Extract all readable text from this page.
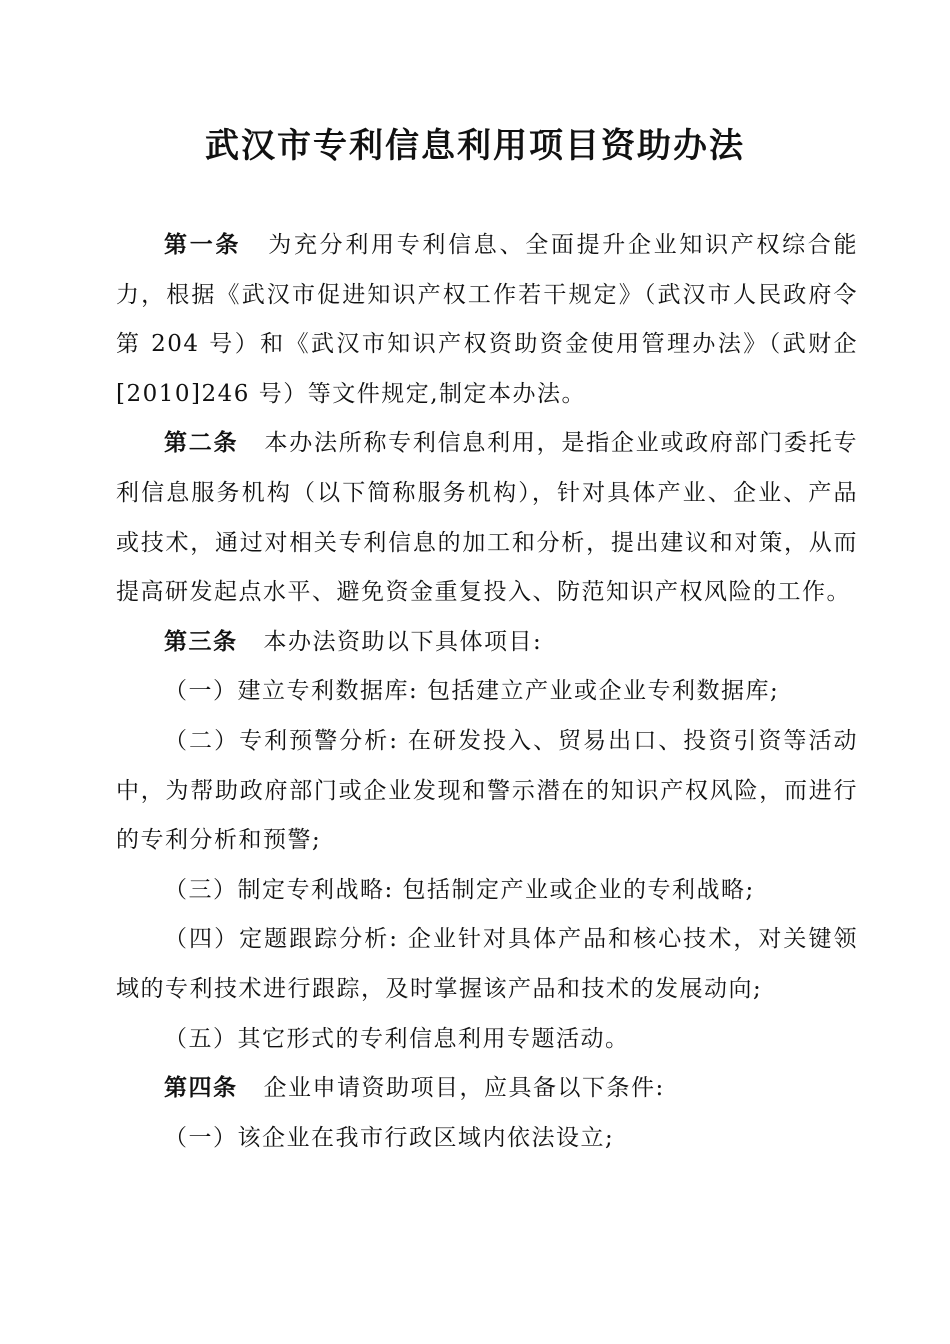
武汉市专利信息利用项目资助办法

第一条 为充分利用专利信息、全面提升企业知识产权综合能力，根据《武汉市促进知识产权工作若干规定》（武汉市人民政府令第 204 号）和《武汉市知识产权资助资金使用管理办法》（武财企[2010]246 号）等文件规定,制定本办法。

第二条 本办法所称专利信息利用，是指企业或政府部门委托专利信息服务机构（以下简称服务机构），针对具体产业、企业、产品或技术，通过对相关专利信息的加工和分析，提出建议和对策，从而提高研发起点水平、避免资金重复投入、防范知识产权风险的工作。

第三条 本办法资助以下具体项目:

（一）建立专利数据库: 包括建立产业或企业专利数据库;

（二）专利预警分析: 在研发投入、贸易出口、投资引资等活动中，为帮助政府部门或企业发现和警示潜在的知识产权风险，而进行的专利分析和预警;

（三）制定专利战略: 包括制定产业或企业的专利战略;

（四）定题跟踪分析: 企业针对具体产品和核心技术，对关键领域的专利技术进行跟踪，及时掌握该产品和技术的发展动向;

（五）其它形式的专利信息利用专题活动。

第四条 企业申请资助项目，应具备以下条件:

（一）该企业在我市行政区域内依法设立;
